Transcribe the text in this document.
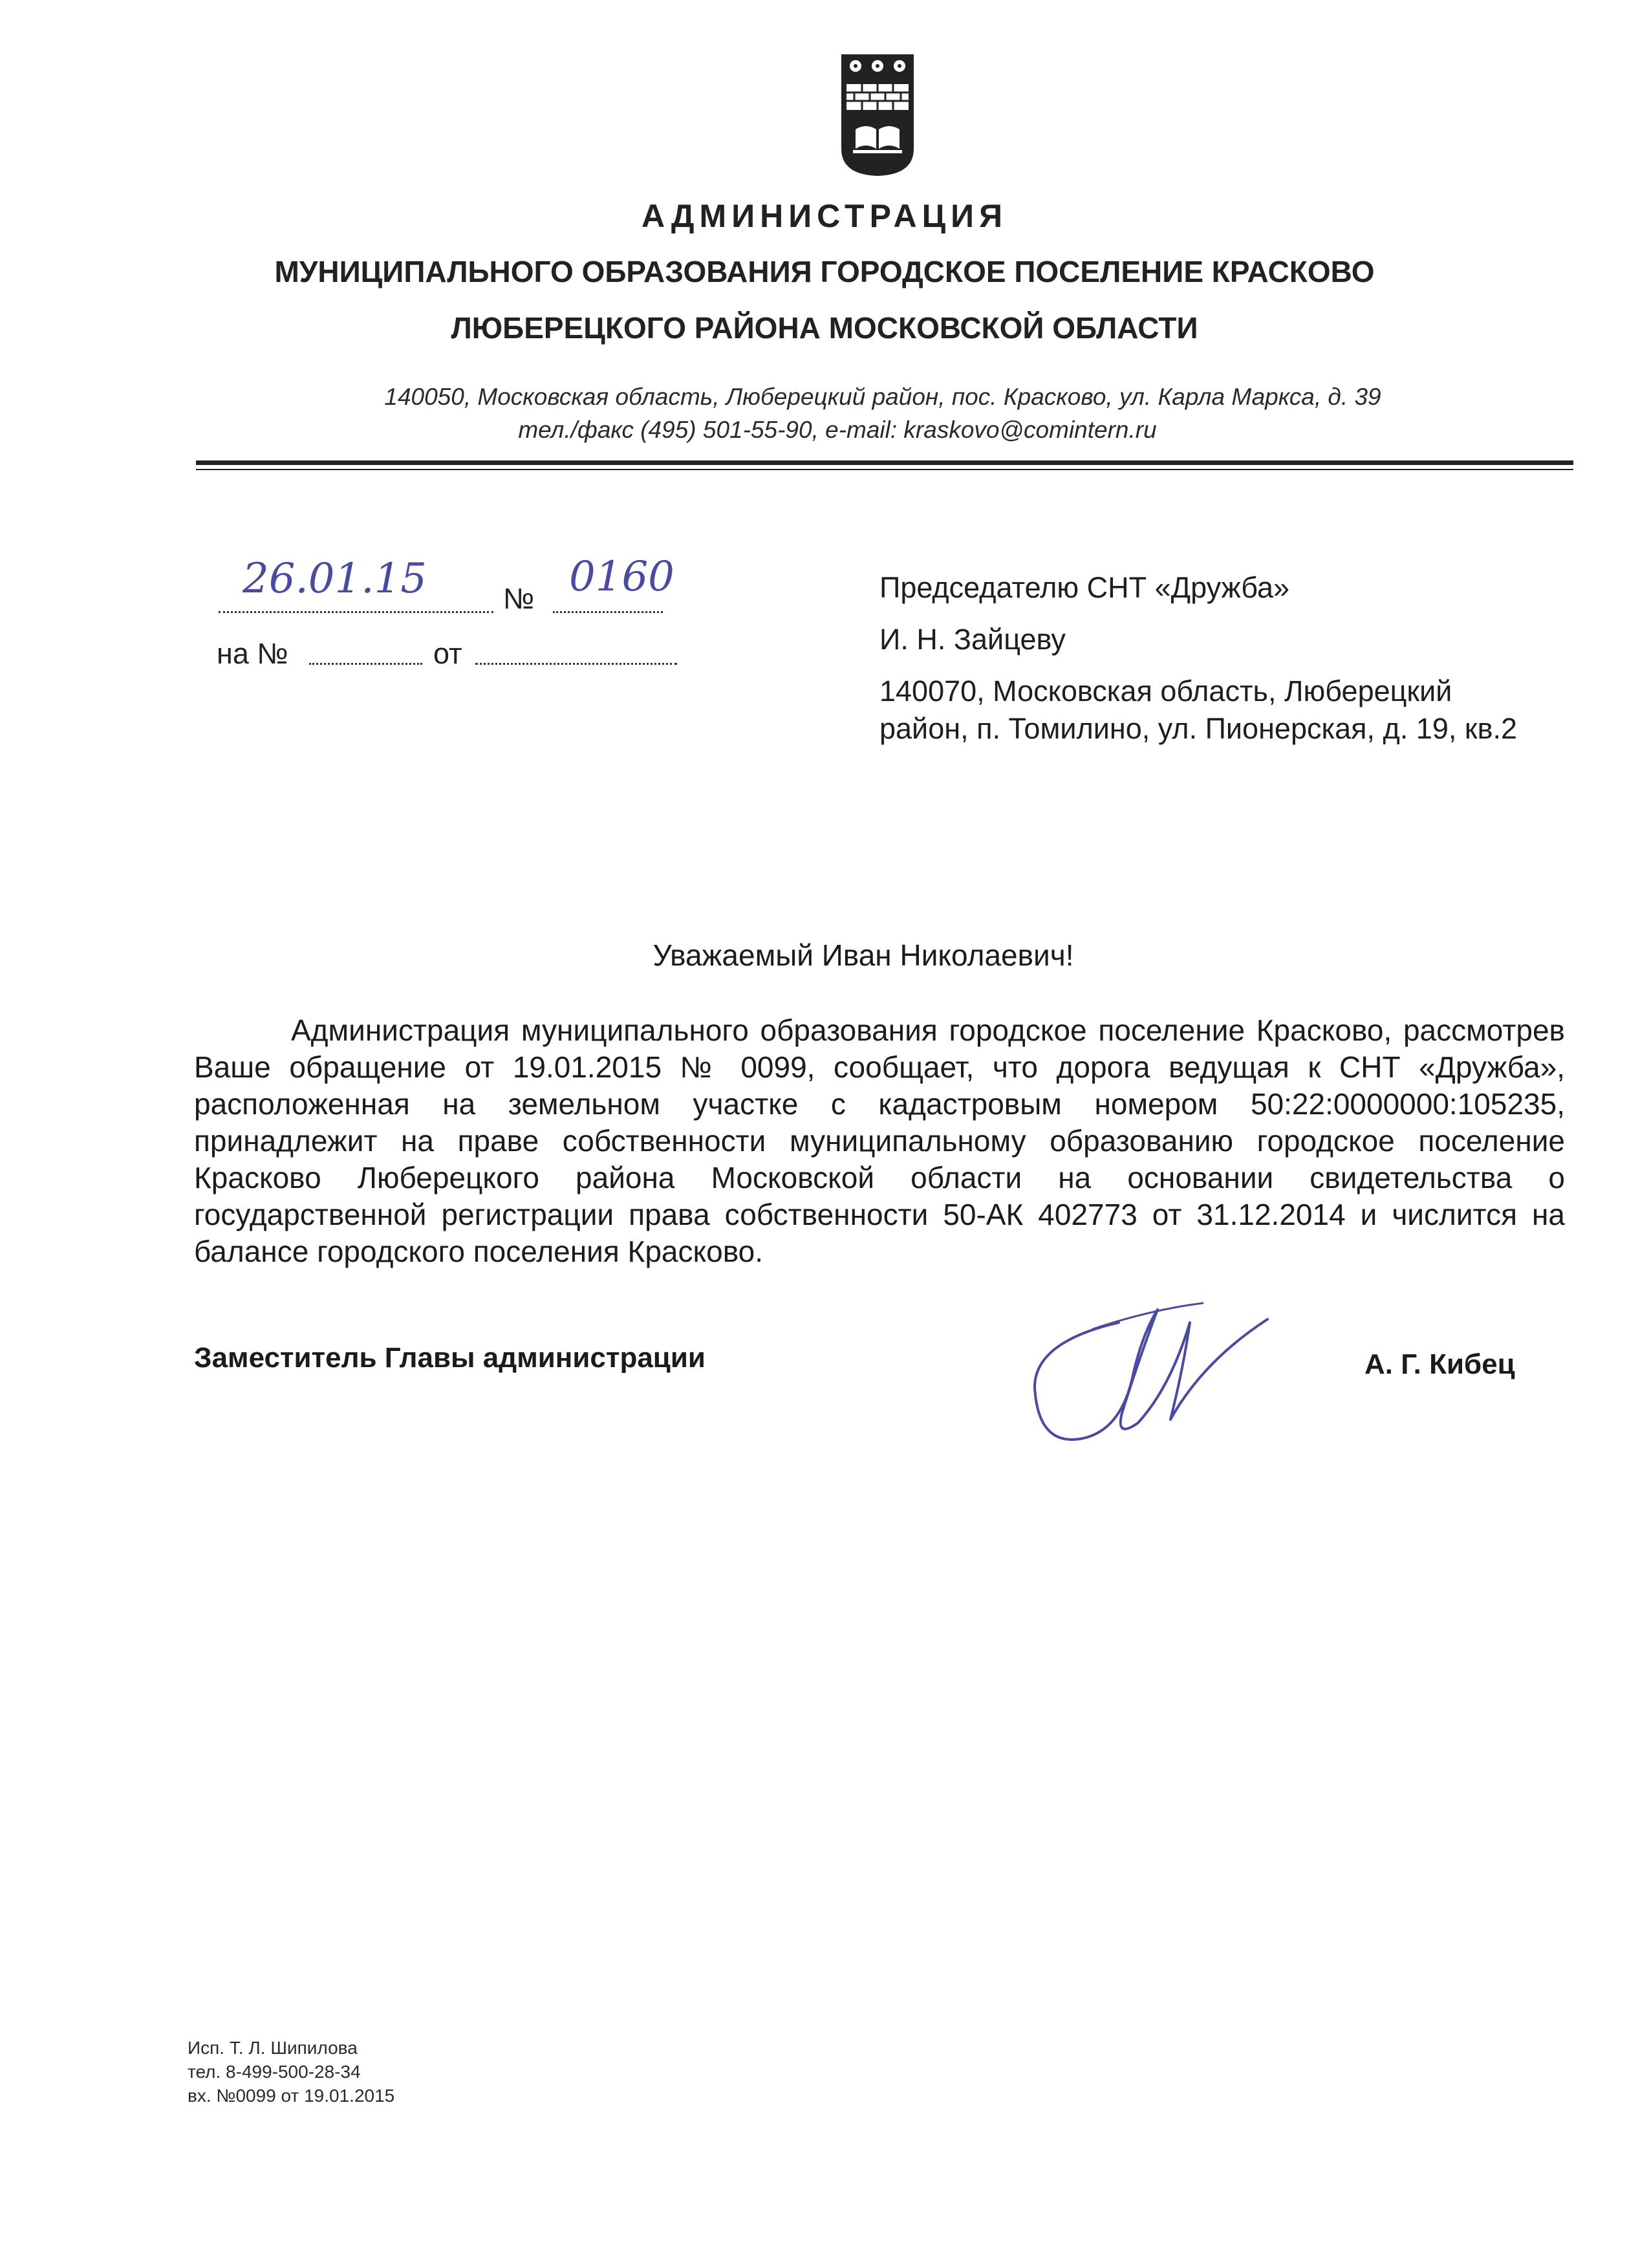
АДМИНИСТРАЦИЯ
МУНИЦИПАЛЬНОГО ОБРАЗОВАНИЯ ГОРОДСКОЕ ПОСЕЛЕНИЕ КРАСКОВО
ЛЮБЕРЕЦКОГО РАЙОНА МОСКОВСКОЙ ОБЛАСТИ
140050, Московская область, Люберецкий район, пос. Красково, ул. Карла Маркса, д. 39
тел./факс (495) 501-55-90, e-mail: kraskovo@comintern.ru
26.01.15	№ 0160
на №	от

Председателю СНТ «Дружба»

И. Н. Зайцеву

140070, Московская область, Люберецкий район, п. Томилино, ул. Пионерская, д. 19, кв.2

Уважаемый Иван Николаевич!
Администрация муниципального образования городское поселение Красково, рассмотрев Ваше обращение от 19.01.2015 № 0099, сообщает, что дорога ведущая к СНТ «Дружба», расположенная на земельном участке с кадастровым номером 50:22:0000000:105235, принадлежит на праве собственности муниципальному образованию городское поселение Красково Люберецкого района Московской области на основании свидетельства о государственной регистрации права собственности 50-АК 402773 от 31.12.2014 и числится на балансе городского поселения Красково.
Заместитель Главы администрации	А. Г. Кибец
Исп. Т. Л. Шипилова
тел. 8-499-500-28-34
вх. №0099 от 19.01.2015
